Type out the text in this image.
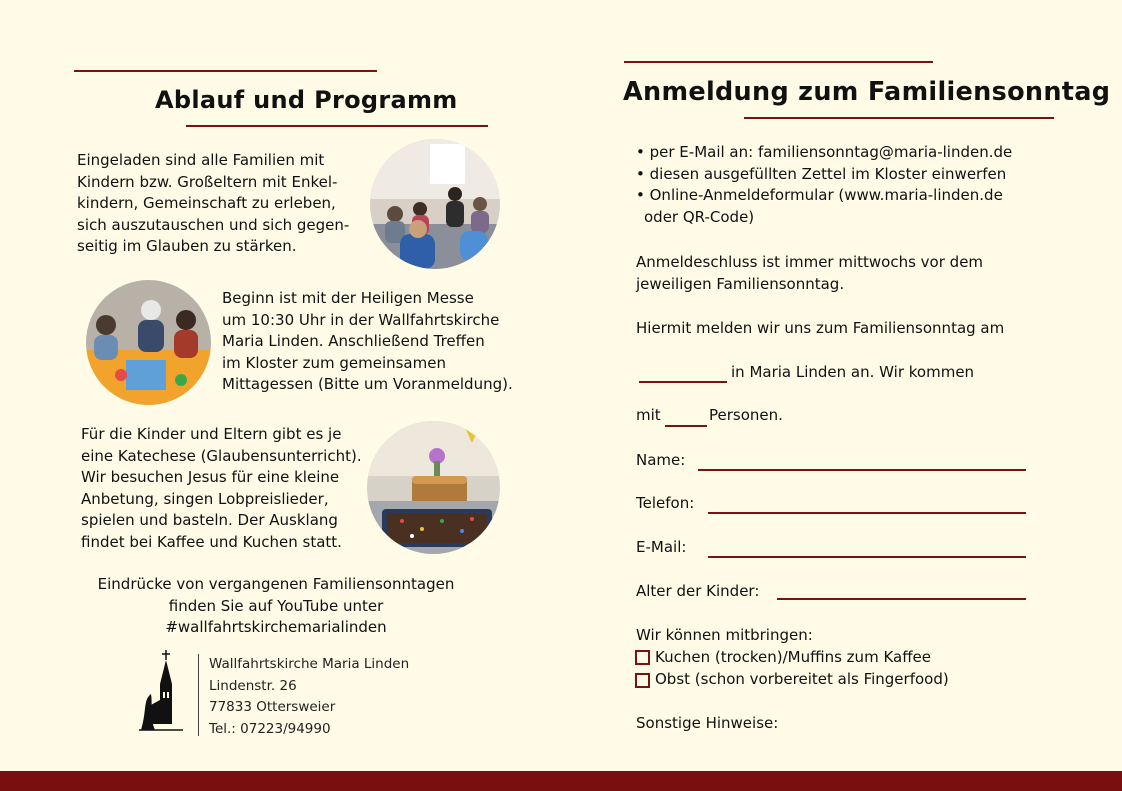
Ablauf und Programm
Eingeladen sind alle Familien mit
Kindern bzw. Großeltern mit Enkel-
kindern, Gemeinschaft zu erleben,
sich auszutauschen und sich gegen-
seitig im Glauben zu stärken.
Beginn ist mit der Heiligen Messe
um 10:30 Uhr in der Wallfahrtskirche
Maria Linden. Anschließend Treffen
im Kloster zum gemeinsamen
Mittagessen (Bitte um Voranmeldung).
Für die Kinder und Eltern gibt es je
eine Katechese (Glaubensunterricht).
Wir besuchen Jesus für eine kleine
Anbetung, singen Lobpreislieder,
spielen und basteln. Der Ausklang
findet bei Kaffee und Kuchen statt.
Eindrücke von vergangenen Familiensonntagen
finden Sie auf YouTube unter
#wallfahrtskirchemarialinden
Wallfahrtskirche Maria Linden
Lindenstr. 26
77833 Ottersweier
Tel.: 07223/94990
Anmeldung zum Familiensonntag
• per E-Mail an: familiensonntag@maria-linden.de
• diesen ausgefüllten Zettel im Kloster einwerfen
• Online-Anmeldeformular (www.maria-linden.de
oder QR-Code)
Anmeldeschluss ist immer mittwochs vor dem
jeweiligen Familiensonntag.
Hiermit melden wir uns zum Familiensonntag am
in Maria Linden an. Wir kommen
mit	Personen.
Name:
Telefon:
E-Mail:
Alter der Kinder:
Wir können mitbringen:
Kuchen (trocken)/Muffins zum Kaffee
Obst (schon vorbereitet als Fingerfood)
Sonstige Hinweise:
